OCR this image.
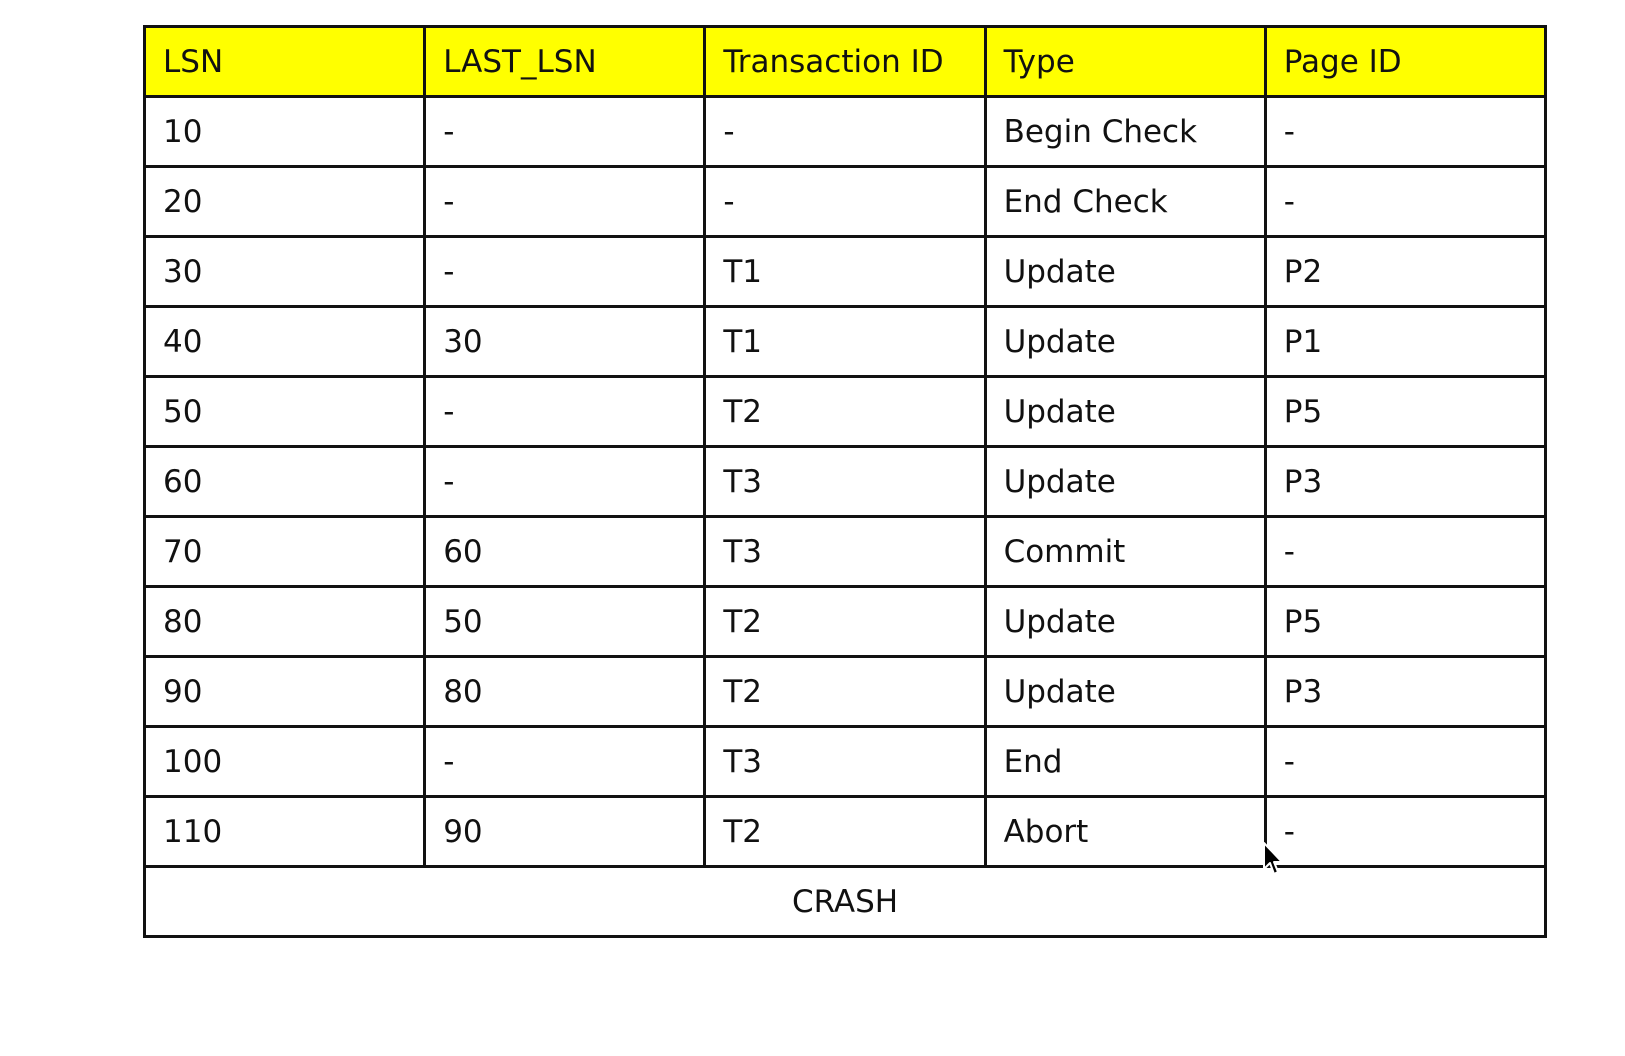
LSN	LAST_LSN	Transaction ID	Type	Page ID
10	-	-	Begin Check	-
20	-	-	End Check	-
30	-	T1	Update	P2
40	30	T1	Update	P1
50	-	T2	Update	P5
60	-	T3	Update	P3
70	60	T3	Commit	-
80	50	T2	Update	P5
90	80	T2	Update	P3
100	-	T3	End	-
110	90	T2	Abort	-
CRASH				
